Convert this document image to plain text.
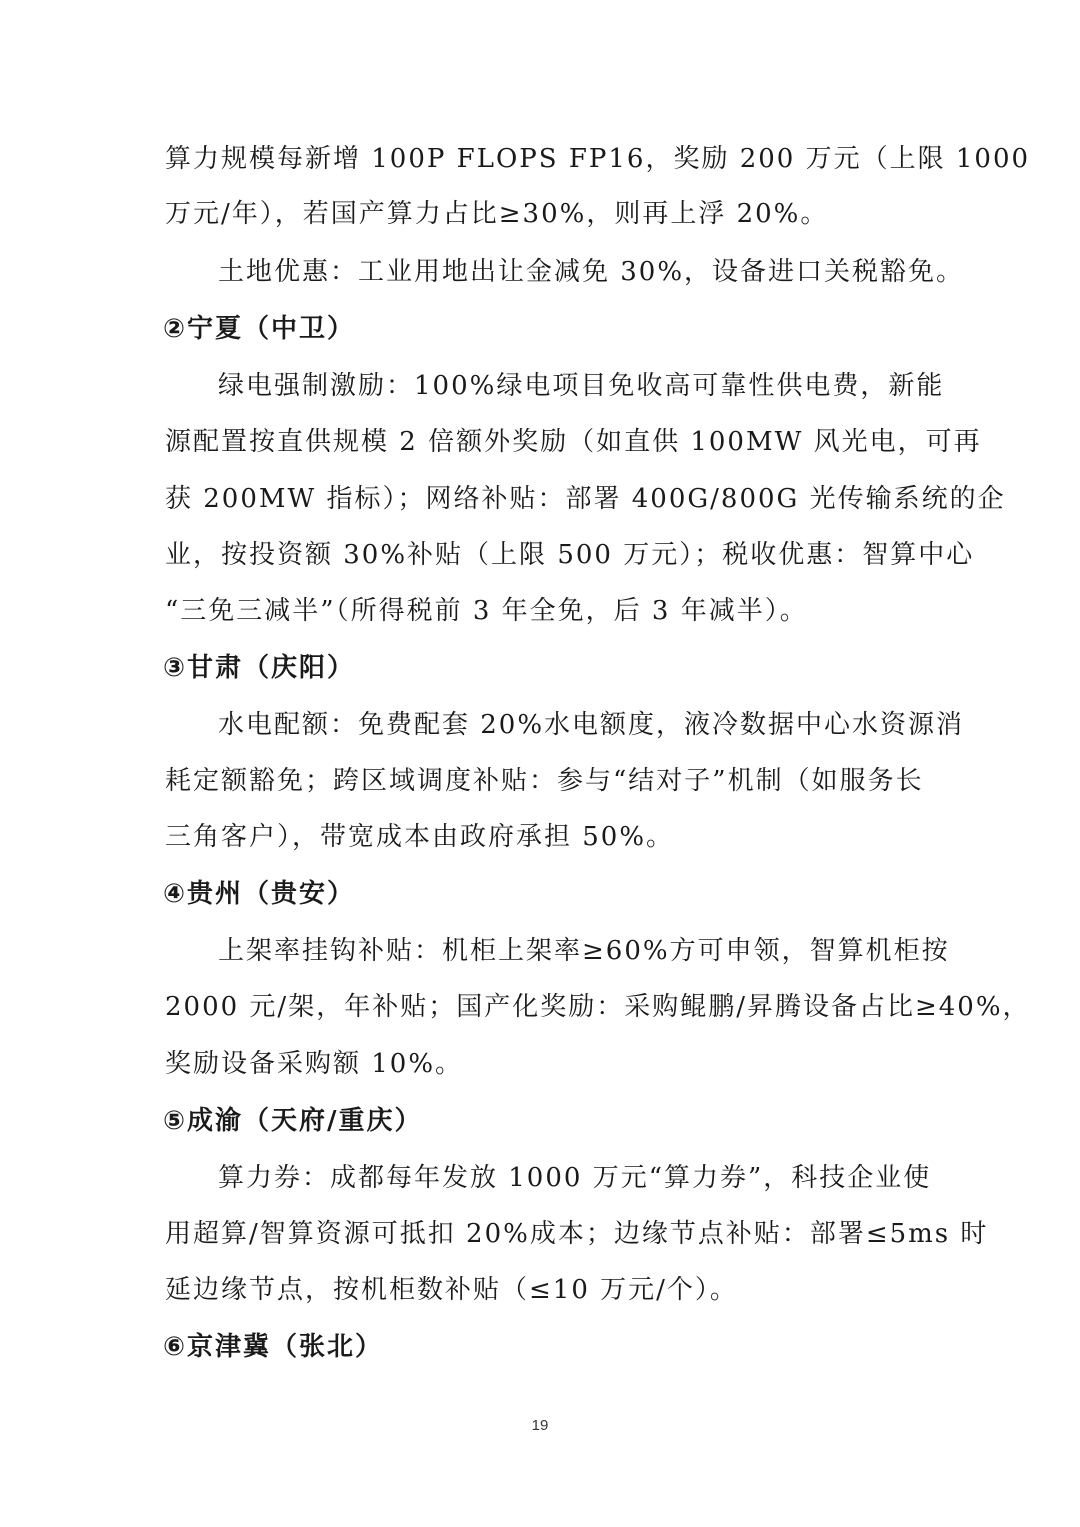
算力规模每新增 100P FLOPS FP16，奖励 200 万元（上限 1000
万元/年），若国产算力占比≥30%，则再上浮 20%。
土地优惠：工业用地出让金减免 30%，设备进口关税豁免。
②宁夏（中卫）
绿电强制激励：100%绿电项目免收高可靠性供电费，新能
源配置按直供规模 2 倍额外奖励（如直供 100MW 风光电，可再
获 200MW 指标）；网络补贴：部署 400G/800G 光传输系统的企
业，按投资额 30%补贴（上限 500 万元）；税收优惠：智算中心
“三免三减半”（所得税前 3 年全免，后 3 年减半）。
③甘肃（庆阳）
水电配额：免费配套 20%水电额度，液冷数据中心水资源消
耗定额豁免；跨区域调度补贴：参与“结对子”机制（如服务长
三角客户），带宽成本由政府承担 50%。
④贵州（贵安）
上架率挂钩补贴：机柜上架率≥60%方可申领，智算机柜按
2000 元/架，年补贴；国产化奖励：采购鲲鹏/昇腾设备占比≥40%，
奖励设备采购额 10%。
⑤成渝（天府/重庆）
算力券：成都每年发放 1000 万元“算力券”，科技企业使
用超算/智算资源可抵扣 20%成本；边缘节点补贴：部署≤5ms 时
延边缘节点，按机柜数补贴（≤10 万元/个）。
⑥京津冀（张北）
19
